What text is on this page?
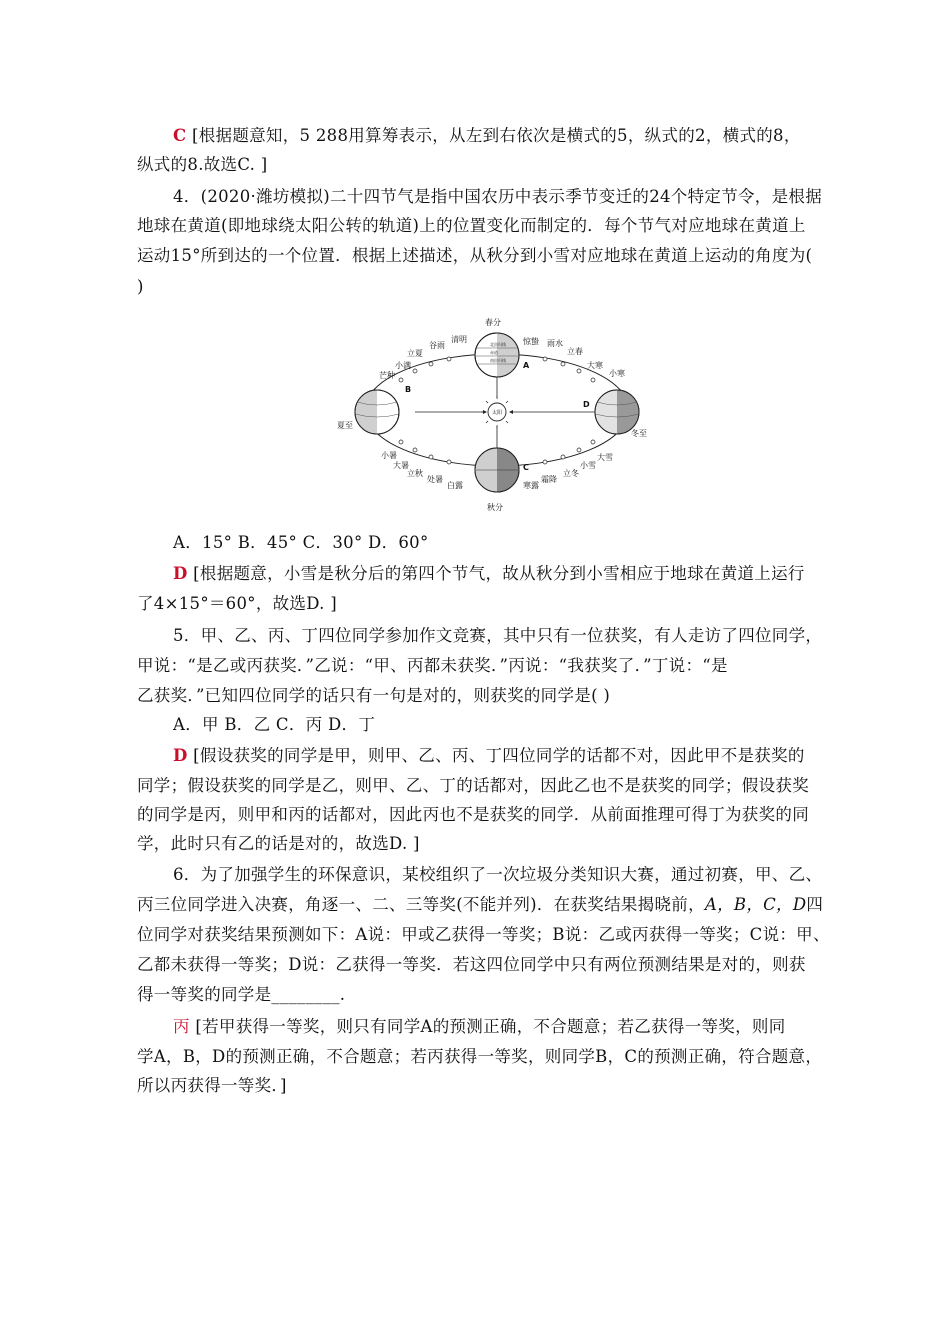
C [根据题意知，5 288用算筹表示，从左到右依次是横式的5，纵式的2，横式的8，
纵式的8.故选C. ]
4．(2020·潍坊模拟)二十四节气是指中国农历中表示季节变迁的24个特定节令，是根据
地球在黄道(即地球绕太阳公转的轨道)上的位置变化而制定的．每个节气对应地球在黄道上
运动15°所到达的一个位置．根据上述描述，从秋分到小雪对应地球在黄道上运动的角度为(
)
太阳
北回归线
赤道
南回归线
春分
惊蛰 雨水
立春
大寒
小寒
冬至
大雪
小雪
立冬
霜降
寒露
秋分
白露
处暑
立秋
大暑
小暑
夏至
芒种
小满
立夏
谷雨
清明
A
B
C
D
A．15° B．45° C．30° D．60°
D [根据题意，小雪是秋分后的第四个节气，故从秋分到小雪相应于地球在黄道上运行
了4×15°＝60°，故选D. ]
5．甲、乙、丙、丁四位同学参加作文竞赛，其中只有一位获奖，有人走访了四位同学，
甲说：“是乙或丙获奖．”乙说：“甲、丙都未获奖．”丙说：“我获奖了．”丁说：“是
乙获奖．”已知四位同学的话只有一句是对的，则获奖的同学是( )
A．甲 B．乙 C．丙 D．丁
D [假设获奖的同学是甲，则甲、乙、丙、丁四位同学的话都不对，因此甲不是获奖的
同学；假设获奖的同学是乙，则甲、乙、丁的话都对，因此乙也不是获奖的同学；假设获奖
的同学是丙，则甲和丙的话都对，因此丙也不是获奖的同学．从前面推理可得丁为获奖的同
学，此时只有乙的话是对的，故选D. ]
6．为了加强学生的环保意识，某校组织了一次垃圾分类知识大赛，通过初赛，甲、乙、
丙三位同学进入决赛，角逐一、二、三等奖(不能并列)．在获奖结果揭晓前，A，B，C，D四
位同学对获奖结果预测如下：A说：甲或乙获得一等奖；B说：乙或丙获得一等奖；C说：甲、
乙都未获得一等奖；D说：乙获得一等奖．若这四位同学中只有两位预测结果是对的，则获
得一等奖的同学是________.
丙 [若甲获得一等奖，则只有同学A的预测正确，不合题意；若乙获得一等奖，则同
学A，B，D的预测正确，不合题意；若丙获得一等奖，则同学B，C的预测正确，符合题意，
所以丙获得一等奖．]
